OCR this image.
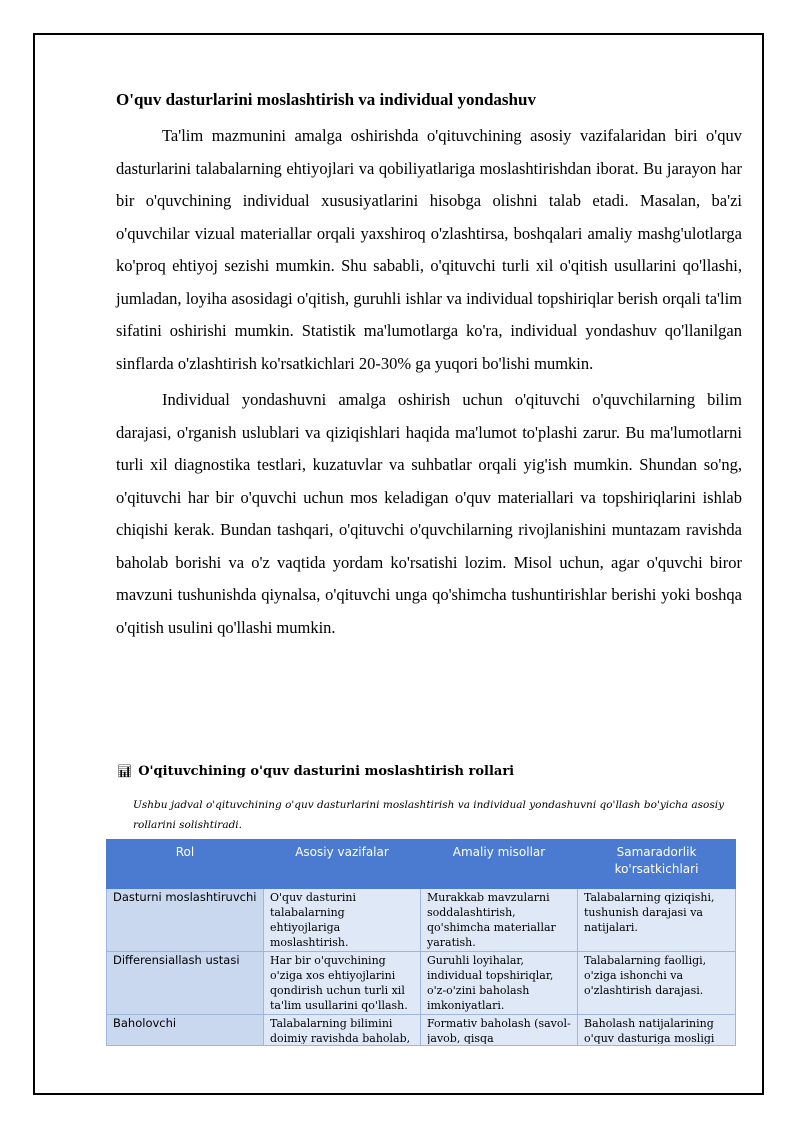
O'quv dasturlarini moslashtirish va individual yondashuv

Ta'lim mazmunini amalga oshirishda o'qituvchining asosiy vazifalaridan biri o'quv dasturlarini talabalarning ehtiyojlari va qobiliyatlariga moslashtirishdan iborat. Bu jarayon har bir o'quvchining individual xususiyatlarini hisobga olishni talab etadi. Masalan, ba'zi o'quvchilar vizual materiallar orqali yaxshiroq o'zlashtirsa, boshqalari amaliy mashg'ulotlarga ko'proq ehtiyoj sezishi mumkin. Shu sababli, o'qituvchi turli xil o'qitish usullarini qo'llashi, jumladan, loyiha asosidagi o'qitish, guruhli ishlar va individual topshiriqlar berish orqali ta'lim sifatini oshirishi mumkin. Statistik ma'lumotlarga ko'ra, individual yondashuv qo'llanilgan sinflarda o'zlashtirish ko'rsatkichlari 20-30% ga yuqori bo'lishi mumkin.

Individual yondashuvni amalga oshirish uchun o'qituvchi o'quvchilarning bilim darajasi, o'rganish uslublari va qiziqishlari haqida ma'lumot to'plashi zarur. Bu ma'lumotlarni turli xil diagnostika testlari, kuzatuvlar va suhbatlar orqali yig'ish mumkin. Shundan so'ng, o'qituvchi har bir o'quvchi uchun mos keladigan o'quv materiallari va topshiriqlarini ishlab chiqishi kerak. Bundan tashqari, o'qituvchi o'quvchilarning rivojlanishini muntazam ravishda baholab borishi va o'z vaqtida yordam ko'rsatishi lozim. Misol uchun, agar o'quvchi biror mavzuni tushunishda qiynalsa, o'qituvchi unga qo'shimcha tushuntirishlar berishi yoki boshqa o'qitish usulini qo'llashi mumkin.

📊︎ O'qituvchining o'quv dasturini moslashtirish rollari
Ushbu jadval o'qituvchining o'quv dasturlarini moslashtirish va individual yondashuvni qo'llash bo'yicha asosiy rollarini solishtiradi.
Rol	Asosiy vazifalar	Amaliy misollar	Samaradorlik ko'rsatkichlari
Dasturni moslashtiruvchi	O'quv dasturini talabalarning ehtiyojlariga moslashtirish.	Murakkab mavzularni soddalashtirish, qo'shimcha materiallar yaratish.	Talabalarning qiziqishi, tushunish darajasi va natijalari.
Differensiallash ustasi	Har bir o'quvchining o'ziga xos ehtiyojlarini qondirish uchun turli xil ta'lim usullarini qo'llash.	Guruhli loyihalar, individual topshiriqlar, o'z-o'zini baholash imkoniyatlari.	Talabalarning faolligi, o'ziga ishonchi va o'zlashtirish darajasi.

Baholovchi	Talabalarning bilimini doimiy ravishda baholab,	Formativ baholash (savol-javob, qisqa	Baholash natijalarining o'quv dasturiga mosligi
